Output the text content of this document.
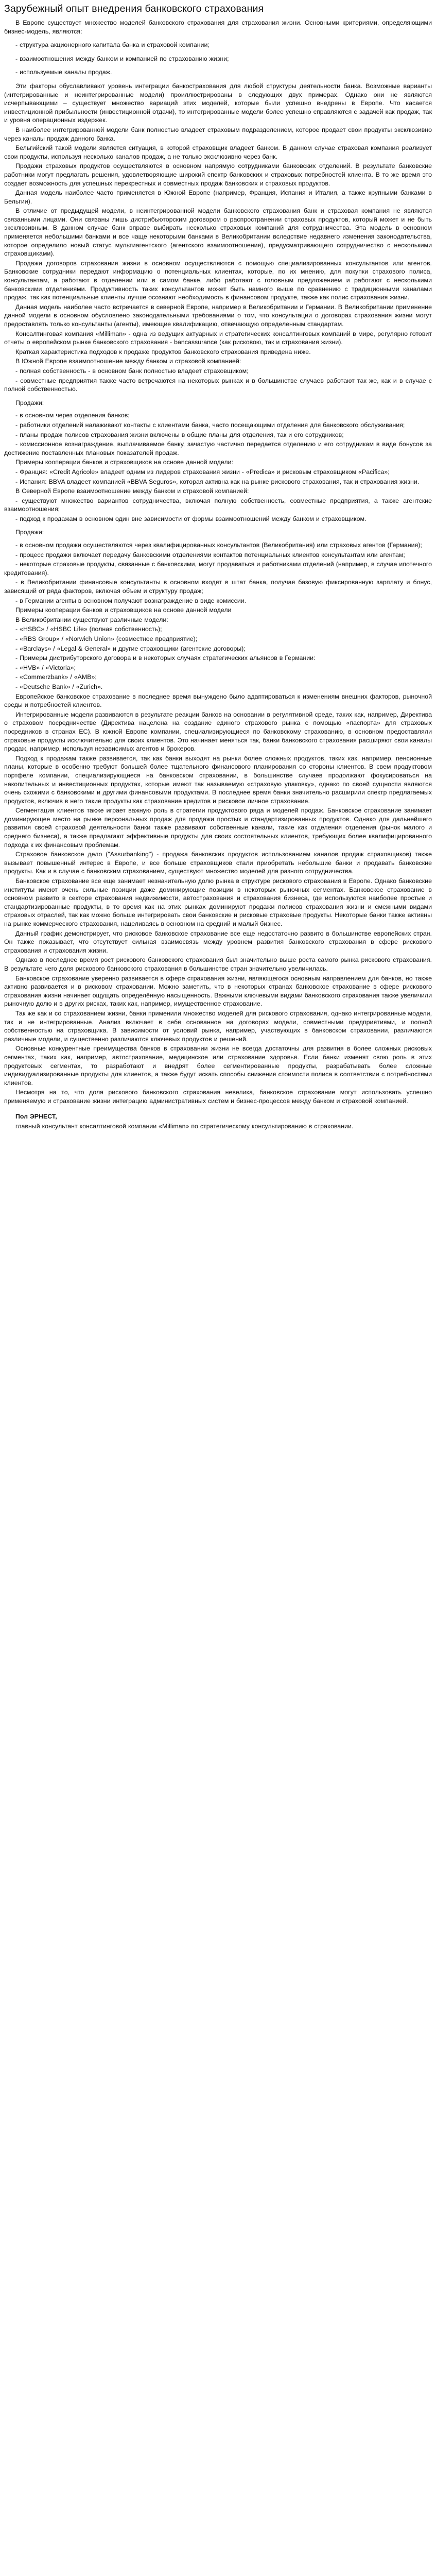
Зарубежный опыт внедрения банковского страхования

В Европе существует множество моделей банковского страхования для страхования жизни. Основными критериями, определяющими бизнес-модель, являются:

- структура акционерного капитала банка и страховой компании;

- взаимоотношения между банком и компанией по страхованию жизни;

- используемые каналы продаж.

Эти факторы обуславливают уровень интеграции банкострахования для любой структуры деятельности банка. Возможные варианты (интегрированные и неинтегрированные модели) проиллюстрированы в следующих двух примерах. Однако они не являются исчерпывающими – существует множество вариаций этих моделей, которые были успешно внедрены в Европе. Что касается инвестиционной прибыльности (инвестиционной отдачи), то интегрированные модели более успешно справляются с задачей как продаж, так и уровня операционных издержек.

В наиболее интегрированной модели банк полностью владеет страховым подразделением, которое продает свои продукты эксклюзивно через каналы продаж данного банка.

Бельгийский такой модели является ситуация, в которой страховщик владеет банком. В данном случае страховая компания реализует свои продукты, используя несколько каналов продаж, а не только эксклюзивно через банк.

Продажи страховых продуктов осуществляются в основном напрямую сотрудниками банковских отделений. В результате банковские работники могут предлагать решения, удовлетворяющие широкий спектр банковских и страховых потребностей клиента. В то же время это создает возможность для успешных перекрестных и совместных продаж банковских и страховых продуктов.

Данная модель наиболее часто применяется в Южной Европе (например, Франция, Испания и Италия, а также крупными банками в Бельгии).

В отличие от предыдущей модели, в неинтегрированной модели банковского страхования банк и страховая компания не являются связанными лицами. Они связаны лишь дистрибьюторским договором о распространении страховых продуктов, который может и не быть эксклюзивным. В данном случае банк вправе выбирать несколько страховых компаний для сотрудничества. Эта модель в основном применяется небольшими банками и все чаще некоторыми банками в Великобритании вследствие недавнего изменения законодательства, которое определило новый статус мультиагентского (агентского взаимоотношения), предусматривающего сотрудничество с несколькими страховщиками).

Продажи договоров страхования жизни в основном осуществляются с помощью специализированных консультантов или агентов. Банковские сотрудники передают информацию о потенциальных клиентах, которые, по их мнению, для покупки страхового полиса, консультантам, а работают в отделении или в самом банке, либо работают с головным предложением и работают с несколькими банковскими отделениями. Продуктивность таких консультантов может быть намного выше по сравнению с традиционными каналами продаж, так как потенциальные клиенты лучше осознают необходимость в финансовом продукте, также как полис страхования жизни.

Данная модель наиболее часто встречается в северной Европе, например в Великобритании и Германии. В Великобритании применение данной модели в основном обусловлено законодательными требованиями о том, что консультации о договорах страхования жизни могут предоставлять только консультанты (агенты), имеющие квалификацию, отвечающую определенным стандартам.

Консалтинговая компания «Milliman» - одна из ведущих актуарных и стратегических консалтинговых компаний в мире, регулярно готовит отчеты о европейском рынке банковского страхования - bancassurance (как рисковою, так и страхования жизни).

Краткая характеристика подходов к продаже продуктов банковского страхования приведена ниже.

В Южной Европе взаимоотношение между банком и страховой компанией:

- полная собственность - в основном банк полностью владеет страховщиком;

- совместные предприятия также часто встречаются на некоторых рынках и в большинстве случаев работают так же, как и в случае с полной собственностью.

Продажи:

- в основном через отделения банков;

- работники отделений налаживают контакты с клиентами банка, часто посещающими отделения для банковского обслуживания;

- планы продаж полисов страхования жизни включены в общие планы для отделения, так и его сотрудников;

- комиссионное вознаграждение, выплачиваемое банку, зачастую частично передается отделению и его сотрудникам в виде бонусов за достижение поставленных плановых показателей продаж.

Примеры кооперации банков и страховщиков на основе данной модели:

- Франция: «Credit Agricole» владеет одним из лидеров страхования жизни - «Predica» и рисковым страховщиком «Pacifica»;

- Испания: BBVA владеет компанией «BBVA Seguros», которая активна как на рынке рискового страхования, так и страхования жизни.

В Северной Европе взаимоотношение между банком и страховой компанией:

- существуют множество вариантов сотрудничества, включая полную собственность, совместные предприятия, а также агентские взаимоотношения;

- подход к продажам в основном один вне зависимости от формы взаимоотношений между банком и страховщиком.

Продажи:

- в основном продажи осуществляются через квалифицированных консультантов (Великобритания) или страховых агентов (Германия);

- процесс продажи включает передачу банковскими отделениями контактов потенциальных клиентов консультантам или агентам;

- некоторые страховые продукты, связанные с банковскими, могут продаваться и работниками отделений (например, в случае ипотечного кредитования).

- в Великобритании финансовые консультанты в основном входят в штат банка, получая базовую фиксированную зарплату и бонус, зависящий от ряда факторов, включая объем и структуру продаж;

- в Германии агенты в основном получают вознаграждение в виде комиссии.

Примеры кооперации банков и страховщиков на основе данной модели

В Великобритании существуют различные модели:

- «HSBC» / «HSBC Life» (полная собственность);

- «RBS Group» / «Norwich Union» (совместное предприятие);

- «Barclays» / «Legal & General» и другие страховщики (агентские договоры);

- Примеры дистрибуторского договора и в некоторых случаях стратегических альянсов в Германии:

- «HVB» / «Victoria»;

- «Commerzbank» / «AMB»;

- «Deutsche Bank» / «Zurich».

Европейское банковское страхование в последнее время вынуждено было адаптироваться к изменениям внешних факторов, рыночной среды и потребностей клиентов.

Интегрированные модели развиваются в результате реакции банков на основании в регулятивной среде, таких как, например, Директива о страховом посредничестве (Директива нацелена на создание единого страхового рынка с помощью «паспорта» для страховых посредников в странах ЕС). В южной Европе компании, специализирующиеся по банковскому страхованию, в основном предоставляли страховые продукты исключительно для своих клиентов. Это начинает меняться так, банки банковского страхования расширяют свои каналы продаж, например, используя независимых агентов и брокеров.

Подход к продажам также развивается, так как банки выходят на рынки более сложных продуктов, таких как, например, пенсионные планы, которые в особенно требуют большей более тщательного финансового планирования со стороны клиентов. В свем продуктовом портфеле компании, специализирующиеся на банковском страховании, в большинстве случаев продолжают фокусироваться на накопительных и инвестиционных продуктах, которые имеют так называемую «страховую упаковку», однако по своей сущности являются очень схожими с банковскими и другими финансовыми продуктами. В последнее время банки значительно расширили спектр предлагаемых продуктов, включив в него такие продукты как страхование кредитов и рисковое личное страхование.

Сегментация клиентов также играет важную роль в стратегии продуктового ряда и моделей продаж. Банковское страхование занимает доминирующее место на рынке персональных продаж для продажи простых и стандартизированных продуктов. Однако для дальнейшего развития своей страховой деятельности банки также развивают собственные канали, такие как отделения отделения (рынок малого и среднего бизнеса), а также предлагают эффективные продукты для своих состоятельных клиентов, требующих более квалифицированного подхода к их финансовым проблемам.

Страховое банковское дело ("Assurbanking") - продажа банковских продуктов использованием каналов продаж страховщиков) также вызывает повышенный интерес в Европе, и все больше страховщиков стали приобретать небольшие банки и продавать банковские продукты. Как и в случае с банковским страхованием, существуют множество моделей для разного сотрудничества.

Банковское страхование все еще занимает незначительную долю рынка в структуре рискового страхования в Европе. Однако банковские институты имеют очень сильные позиции даже доминирующие позиции в некоторых рыночных сегментах. Банковское страхование в основном развито в секторе страхования недвижимости, автострахования и страхования бизнеса, где используются наиболее простые и стандартизированные продукты, в то время как на этих рынках доминируют продажи полисов страхования жизни и смежными видами страховых отраслей, так как можно больше интегрировать свои банковские и рисковые страховые продукты. Некоторые банки также активны на рынке коммерческого страхования, нацеливаясь в основном на средний и малый бизнес.

Данный график демонстрирует, что рисковое банковское страхование все еще недостаточно развито в большинстве европейских стран. Он также показывает, что отсутствует сильная взаимосвязь между уровнем развития банковского страхования в сфере рискового страхования и страхования жизни.

Однако в последнее время рост рискового банковского страхования был значительно выше роста самого рынка рискового страхования. В результате чего доля рискового банковского страхования в большинстве стран значительно увеличилась.

Банковское страхование уверенно развивается в сфере страхования жизни, являющегося основным направлением для банков, но также активно развивается и в рисковом страховании. Можно заметить, что в некоторых странах банковское страхование в сфере рискового страхования жизни начинает ощущать определённую насыщенность. Важными ключевыми видами банковского страхования также увеличили рыночную долю и в других рисках, таких как, например, имущественное страхование.

Так же как и со страхованием жизни, банки применили множество моделей для рискового страхования, однако интегрированные модели, так и не интегрированные. Анализ включает в себя основанное на договорах модели, совместными предприятиями, и полной собственностью на страховщика. В зависимости от условий рынка, например, участвующих в банковском страховании, различаются различные модели, и существенно различаются ключевых продуктов и решений.

Основные конкурентные преимущества банков в страховании жизни не всегда достаточны для развития в более сложных рисковых сегментах, таких как, например, автострахование, медицинское или страхование здоровья. Если банки изменят свою роль в этих продуктовых сегментах, то разработают и внедрят более сегментированные продукты, разрабатывать более сложные индивидуализированные продукты для клиентов, а также будут искать способы снижения стоимости полиса в соответствии с потребностями клиентов.

Несмотря на то, что доля рискового банковского страхования невелика, банковское страхование могут использовать успешно применяемую и страхование жизни интеграцию административных систем и бизнес-процессов между банком и страховой компанией.

Пол ЭРНЕСТ,

главный консультант консалтинговой компании «Milliman» по стратегическому консультированию в страховании.
